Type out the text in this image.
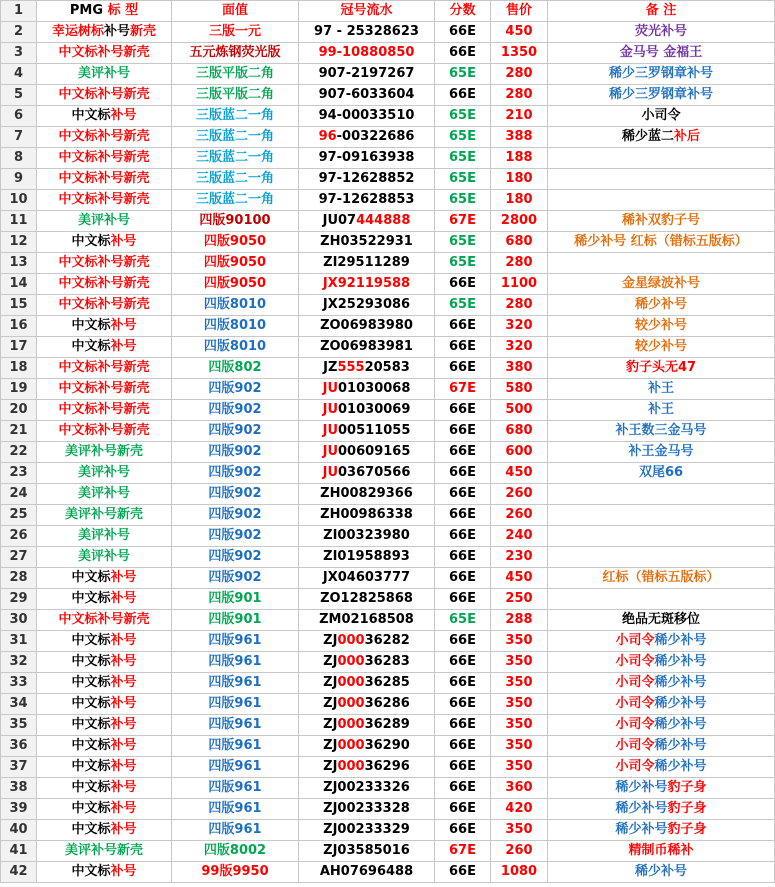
1	PMG 标 型	面值	冠号流水	分数	售价	备 注
2	幸运树标补号新壳	三版一元	97 - 25328623	66E	450	荧光补号
3	中文标补号新壳	五元炼钢荧光版	99-10880850	66E	1350	金马号 金福王
4	美评补号	三版平版二角	907-2197267	65E	280	稀少三罗钢章补号
5	中文标补号新壳	三版平版二角	907-6033604	66E	280	稀少三罗钢章补号
6	中文标补号	三版蓝二一角	94-00033510	65E	210	小司令
7	中文标补号新壳	三版蓝二一角	96-00322686	65E	388	稀少蓝二补后
8	中文标补号新壳	三版蓝二一角	97-09163938	65E	188	
9	中文标补号新壳	三版蓝二一角	97-12628852	65E	180	
10	中文标补号新壳	三版蓝二一角	97-12628853	65E	180	
11	美评补号	四版90100	JU07444888	67E	2800	稀补双豹子号
12	中文标补号	四版9050	ZH03522931	65E	680	稀少补号 红标（错标五版标）
13	中文标补号新壳	四版9050	ZI29511289	65E	280	
14	中文标补号新壳	四版9050	JX92119588	66E	1100	金星绿波补号
15	中文标补号新壳	四版8010	JX25293086	65E	280	稀少补号
16	中文标补号	四版8010	ZO06983980	66E	320	较少补号
17	中文标补号	四版8010	ZO06983981	66E	320	较少补号
18	中文标补号新壳	四版802	JZ55520583	66E	380	豹子头无47
19	中文标补号新壳	四版902	JU01030068	67E	580	补王
20	中文标补号新壳	四版902	JU01030069	66E	500	补王
21	中文标补号新壳	四版902	JU00511055	66E	680	补王数三金马号
22	美评补号新壳	四版902	JU00609165	66E	600	补王金马号
23	美评补号	四版902	JU03670566	66E	450	双尾66
24	美评补号	四版902	ZH00829366	66E	260	
25	美评补号新壳	四版902	ZH00986338	66E	260	
26	美评补号	四版902	ZI00323980	66E	240	
27	美评补号	四版902	ZI01958893	66E	230	
28	中文标补号	四版902	JX04603777	66E	450	红标（错标五版标）
29	中文标补号	四版901	ZO12825868	66E	250	
30	中文标补号新壳	四版901	ZM02168508	65E	288	绝品无斑移位
31	中文标补号	四版961	ZJ00036282	66E	350	小司令稀少补号
32	中文标补号	四版961	ZJ00036283	66E	350	小司令稀少补号
33	中文标补号	四版961	ZJ00036285	66E	350	小司令稀少补号
34	中文标补号	四版961	ZJ00036286	66E	350	小司令稀少补号
35	中文标补号	四版961	ZJ00036289	66E	350	小司令稀少补号
36	中文标补号	四版961	ZJ00036290	66E	350	小司令稀少补号
37	中文标补号	四版961	ZJ00036296	66E	350	小司令稀少补号
38	中文标补号	四版961	ZJ00233326	66E	360	稀少补号豹子身
39	中文标补号	四版961	ZJ00233328	66E	420	稀少补号豹子身
40	中文标补号	四版961	ZJ00233329	66E	350	稀少补号豹子身
41	美评补号新壳	四版8002	ZJ03585016	67E	260	精制币稀补
42	中文标补号	99版9950	AH07696488	66E	1080	稀少补号
